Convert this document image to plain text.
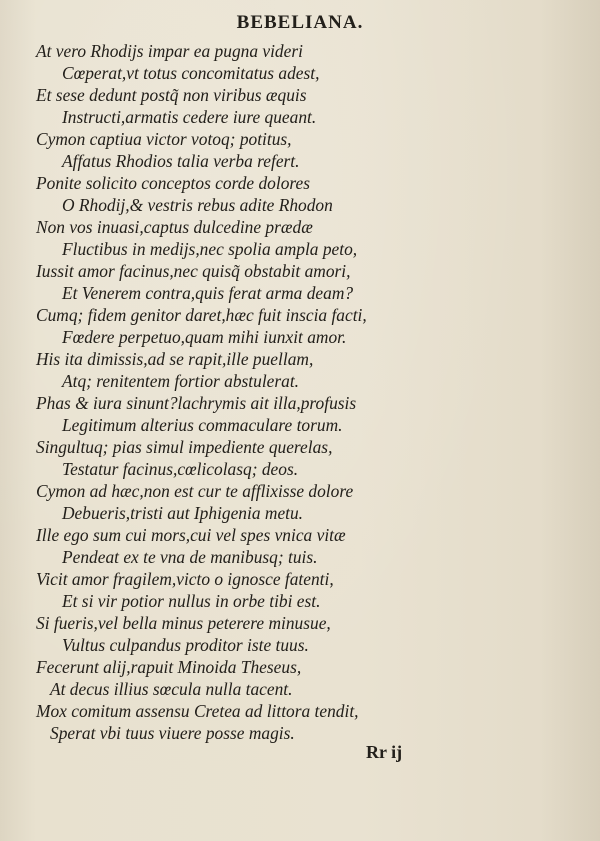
BEBELIANA.
At vero Rhodijs impar ea pugna videri
Cœperat,vt totus concomitatus adest,
Et sese dedunt postq̃ non viribus æquis
Instructi,armatis cedere iure queant.
Cymon captiua victor votoq; potitus,
Affatus Rhodios talia verba refert.
Ponite solicito conceptos corde dolores
O Rhodij,& vestris rebus adite Rhodon
Non vos inuasi,captus dulcedine prædæ
Fluctibus in medijs,nec spolia ampla peto,
Iussit amor facinus,nec quisq̃ obstabit amori,
Et Venerem contra,quis ferat arma deam?
Cumq; fidem genitor daret,hæc fuit inscia facti,
Fœdere perpetuo,quam mihi iunxit amor.
His ita dimissis,ad se rapit,ille puellam,
Atq; renitentem fortior abstulerat.
Phas & iura sinunt?lachrymis ait illa,profusis
Legitimum alterius commaculare torum.
Singultuq; pias simul impediente querelas,
Testatur facinus,cœlicolasq; deos.
Cymon ad hæc,non est cur te afflixisse dolore
Debueris,tristi aut Iphigenia metu.
Ille ego sum cui mors,cui vel spes vnica vitæ
Pendeat ex te vna de manibusq; tuis.
Vicit amor fragilem,victo o ignosce fatenti,
Et si vir potior nullus in orbe tibi est.
Si fueris,vel bella minus peterere minusue,
Vultus culpandus proditor iste tuus.
Fecerunt alij,rapuit Minoida Theseus,
At decus illius sœcula nulla tacent.
Mox comitum assensu Cretea ad littora tendit,
Sperat vbi tuus viuere posse magis.
Rr ij
